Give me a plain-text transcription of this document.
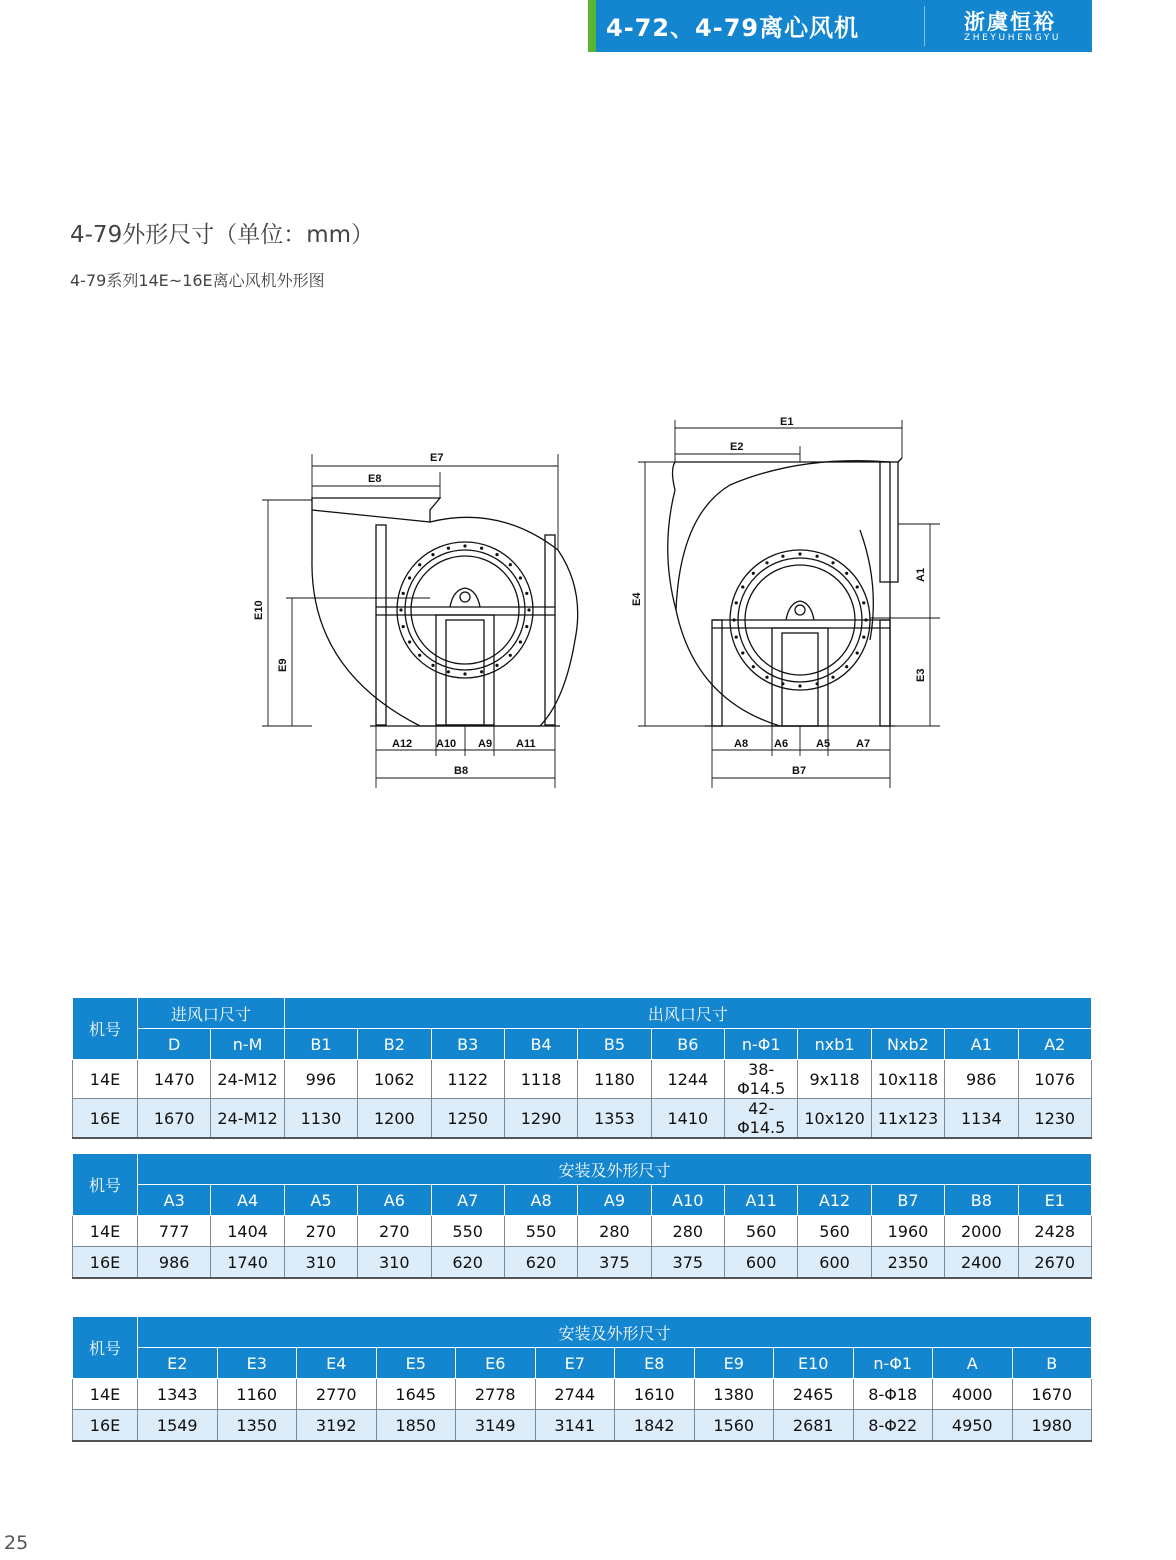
4-72、4-79离心风机	浙虞恒裕
ZHEYUHENGYU
4-79外形尺寸（单位：mm）
4-79系列14E~16E离心风机外形图
E7
E8
E10
E9
A12 A10 A9 A11
B8
E1
E2
E4
A1
E3
A8 A6	A5 A7
B7
机号	进风口尺寸		出风口尺寸										
	D	n-M	B1	B2	B3	B4	B5	B6	n-Φ1	nxb1	Nxb2	A1	A2
14E	1470	24-M12	996	1062	1122	1118	1180	1244	38-Φ14.5	9x118	10x118	986	1076
16E	1670	24-M12	1130	1200	1250	1290	1353	1410	42-Φ14.5	10x120	11x123	1134	1230
机号	安装及外形尺寸												
	A3	A4	A5	A6	A7	A8	A9	A10	A11	A12	B7	B8	E1
14E	777	1404	270	270	550	550	280	280	560	560	1960	2000	2428
16E	986	1740	310	310	620	620	375	375	600	600	2350	2400	2670
机号	安装及外形尺寸											
	E2	E3	E4	E5	E6	E7	E8	E9	E10	n-Φ1	A	B
14E	1343	1160	2770	1645	2778	2744	1610	1380	2465	8-Φ18	4000	1670
16E	1549	1350	3192	1850	3149	3141	1842	1560	2681	8-Φ22	4950	1980
25
